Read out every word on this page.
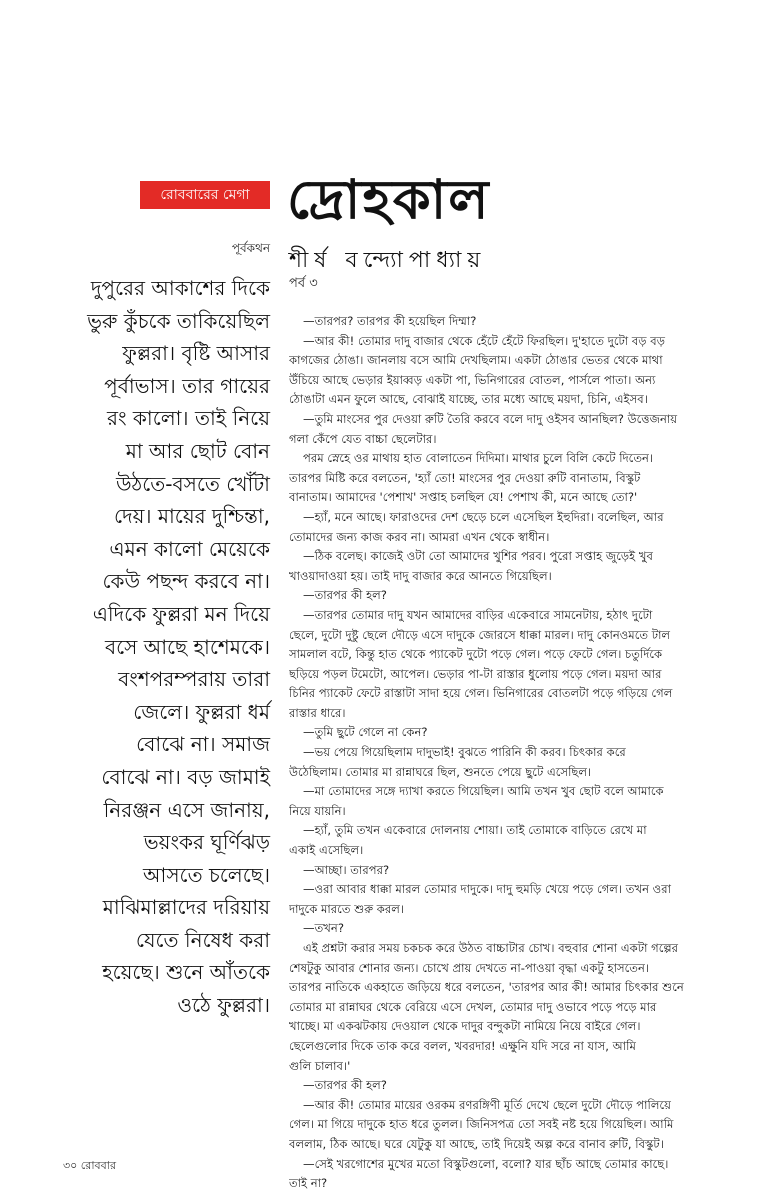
রোববারের মেগা দ্রোহকাল
পূর্বকথন শীর্ষ বন্দ্যোপাধ্যায়
পর্ব ৩
দুপুরের আকাশের দিকে
ভুরু কুঁচকে তাকিয়েছিল
ফুল্লরা। বৃষ্টি আসার
পূর্বাভাস। তার গায়ের
রং কালো। তাই নিয়ে
মা আর ছোট বোন
উঠতে-বসতে খোঁটা
দেয়। মায়ের দুশ্চিন্তা,
এমন কালো মেয়েকে
কেউ পছন্দ করবে না।
এদিকে ফুল্লরা মন দিয়ে
বসে আছে হাশেমকে।
বংশপরম্পরায় তারা
জেলে। ফুল্লরা ধর্ম
বোঝে না। সমাজ
বোঝে না। বড় জামাই
নিরঞ্জন এসে জানায়,
ভয়ংকর ঘূর্ণিঝড়
আসতে চলেছে।
মাঝিমাল্লাদের দরিয়ায়
যেতে নিষেধ করা
হয়েছে। শুনে আঁতকে
ওঠে ফুল্লরা।
—তারপর? তারপর কী হয়েছিল দিম্মা?
—আর কী! তোমার দাদু বাজার থেকে হেঁটে হেঁটে ফিরছিল। দু'হাতে দুটো বড় বড়
কাগজের ঠোঙা। জানলায় বসে আমি দেখছিলাম। একটা ঠোঙার ভেতর থেকে মাথা
উঁচিয়ে আছে ভেড়ার ইয়াব্বড় একটা পা, ভিনিগারের বোতল, পার্সলে পাতা। অন্য
ঠোঙাটা এমন ফুলে আছে, বোঝাই যাচ্ছে, তার মধ্যে আছে ময়দা, চিনি, এইসব।
—তুমি মাংসের পুর দেওয়া রুটি তৈরি করবে বলে দাদু ওইসব আনছিল? উত্তেজনায়
গলা কেঁপে যেত বাচ্চা ছেলেটার।
পরম স্নেহে ওর মাথায় হাত বোলাতেন দিদিমা। মাথার চুলে বিলি কেটে দিতেন।
তারপর মিষ্টি করে বলতেন, 'হ্যাঁ তো! মাংসের পুর দেওয়া রুটি বানাতাম, বিস্কুট
বানাতাম। আমাদের 'পেশাখ' সপ্তাহ চলছিল যে! পেশাখ কী, মনে আছে তো?'
—হ্যাঁ, মনে আছে। ফারাওদের দেশ ছেড়ে চলে এসেছিল ইহুদিরা। বলেছিল, আর
তোমাদের জন্য কাজ করব না। আমরা এখন থেকে স্বাধীন।
—ঠিক বলেছ। কাজেই ওটা তো আমাদের খুশির পরব। পুরো সপ্তাহ জুড়েই খুব
খাওয়াদাওয়া হয়। তাই দাদু বাজার করে আনতে গিয়েছিল।
—তারপর কী হল?
—তারপর তোমার দাদু যখন আমাদের বাড়ির একেবারে সামনেটায়, হঠাৎ দুটো
ছেলে, দুটো দুষ্টু ছেলে দৌড়ে এসে দাদুকে জোরসে ধাক্কা মারল। দাদু কোনওমতে টাল
সামলাল বটে, কিন্তু হাত থেকে প্যাকেট দুটো পড়ে গেল। পড়ে ফেটে গেল। চতুর্দিকে
ছড়িয়ে পড়ল টমেটো, আপেল। ভেড়ার পা-টা রাস্তার ধুলোয় পড়ে গেল। ময়দা আর
চিনির প্যাকেট ফেটে রাস্তাটা সাদা হয়ে গেল। ভিনিগারের বোতলটা পড়ে গড়িয়ে গেল
রাস্তার ধারে।
—তুমি ছুটে গেলে না কেন?
—ভয় পেয়ে গিয়েছিলাম দাদুভাই! বুঝতে পারিনি কী করব। চিৎকার করে
উঠেছিলাম। তোমার মা রান্নাঘরে ছিল, শুনতে পেয়ে ছুটে এসেছিল।
—মা তোমাদের সঙ্গে দ্যাখা করতে গিয়েছিল। আমি তখন খুব ছোট বলে আমাকে
নিয়ে যায়নি।
—হ্যাঁ, তুমি তখন একেবারে দোলনায় শোয়া। তাই তোমাকে বাড়িতে রেখে মা
একাই এসেছিল।
—আচ্ছা। তারপর?
—ওরা আবার ধাক্কা মারল তোমার দাদুকে। দাদু হুমড়ি খেয়ে পড়ে গেল। তখন ওরা
দাদুকে মারতে শুরু করল।
—তখন?
এই প্রশ্নটা করার সময় চকচক করে উঠত বাচ্চাটার চোখ। বহুবার শোনা একটা গল্পের
শেষটুকু আবার শোনার জন্য। চোখে প্রায় দেখতে না-পাওয়া বৃদ্ধা একটু হাসতেন।
তারপর নাতিকে একহাতে জড়িয়ে ধরে বলতেন, 'তারপর আর কী! আমার চিৎকার শুনে
তোমার মা রান্নাঘর থেকে বেরিয়ে এসে দেখল, তোমার দাদু ওভাবে পড়ে পড়ে মার
খাচ্ছে। মা একঝটকায় দেওয়াল থেকে দাদুর বন্দুকটা নামিয়ে নিয়ে বাইরে গেল।
ছেলেগুলোর দিকে তাক করে বলল, খবরদার! এক্ষুনি যদি সরে না যাস, আমি
গুলি চালাব।'
—তারপর কী হল?
—আর কী! তোমার মায়ের ওরকম রণরঙ্গিণী মূর্তি দেখে ছেলে দুটো দৌড়ে পালিয়ে
গেল। মা গিয়ে দাদুকে হাত ধরে তুলল। জিনিসপত্র তো সবই নষ্ট হয়ে গিয়েছিল। আমি
বললাম, ঠিক আছে। ঘরে যেটুকু যা আছে, তাই দিয়েই অল্প করে বানাব রুটি, বিস্কুট।
—সেই খরগোশের মুখের মতো বিস্কুটগুলো, বলো? যার ছাঁচ আছে তোমার কাছে।
তাই না?
৩০ রোববার
